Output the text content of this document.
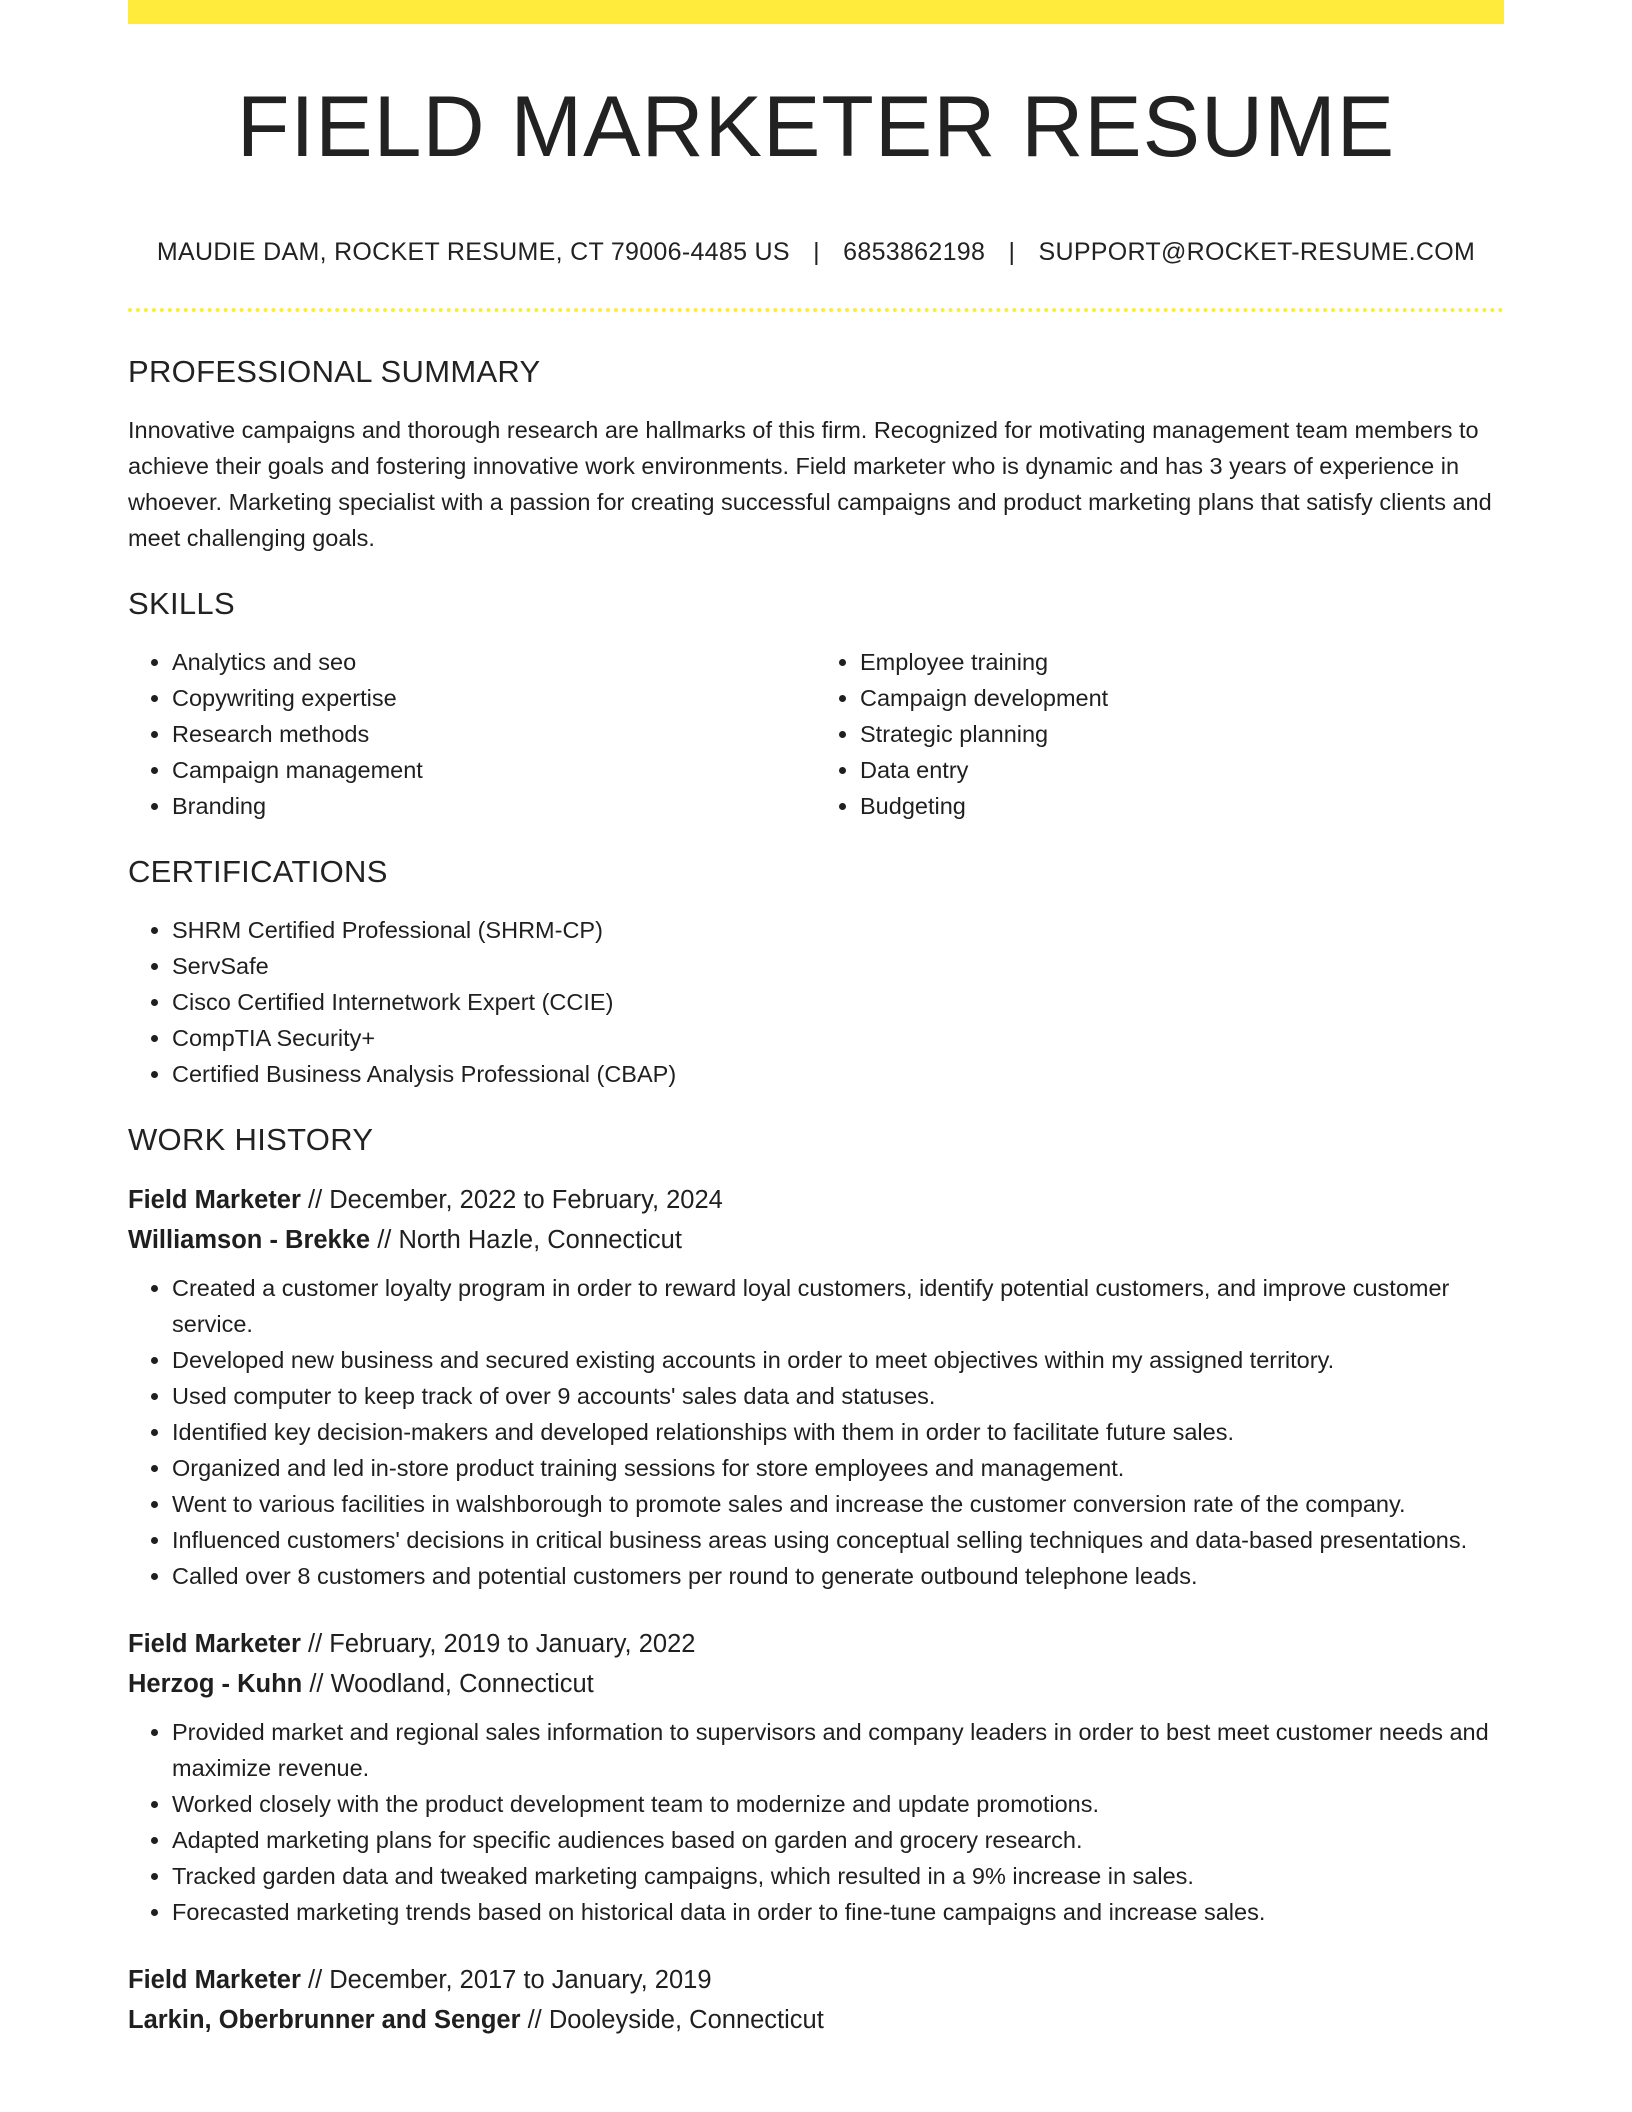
FIELD MARKETER RESUME
MAUDIE DAM, ROCKET RESUME, CT 79006-4485 US | 6853862198 | SUPPORT@ROCKET-RESUME.COM
PROFESSIONAL SUMMARY

Innovative campaigns and thorough research are hallmarks of this firm. Recognized for motivating management team members to achieve their goals and fostering innovative work environments. Field marketer who is dynamic and has 3 years of experience in whoever. Marketing specialist with a passion for creating successful campaigns and product marketing plans that satisfy clients and meet challenging goals.

SKILLS
• Analytics and seo
• Copywriting expertise
• Research methods
• Campaign management
• Branding
• Employee training
• Campaign development
• Strategic planning
• Data entry
• Budgeting
CERTIFICATIONS
• SHRM Certified Professional (SHRM-CP)
• ServSafe
• Cisco Certified Internetwork Expert (CCIE)
• CompTIA Security+
• Certified Business Analysis Professional (CBAP)
WORK HISTORY
Field Marketer // December, 2022 to February, 2024
Williamson - Brekke // North Hazle, Connecticut
• Created a customer loyalty program in order to reward loyal customers, identify potential customers, and improve customer service.
• Developed new business and secured existing accounts in order to meet objectives within my assigned territory.
• Used computer to keep track of over 9 accounts' sales data and statuses.
• Identified key decision-makers and developed relationships with them in order to facilitate future sales.
• Organized and led in-store product training sessions for store employees and management.
• Went to various facilities in walshborough to promote sales and increase the customer conversion rate of the company.
• Influenced customers' decisions in critical business areas using conceptual selling techniques and data-based presentations.
• Called over 8 customers and potential customers per round to generate outbound telephone leads.
Field Marketer // February, 2019 to January, 2022
Herzog - Kuhn // Woodland, Connecticut
• Provided market and regional sales information to supervisors and company leaders in order to best meet customer needs and maximize revenue.
• Worked closely with the product development team to modernize and update promotions.
• Adapted marketing plans for specific audiences based on garden and grocery research.
• Tracked garden data and tweaked marketing campaigns, which resulted in a 9% increase in sales.
• Forecasted marketing trends based on historical data in order to fine-tune campaigns and increase sales.
Field Marketer // December, 2017 to January, 2019
Larkin, Oberbrunner and Senger // Dooleyside, Connecticut
